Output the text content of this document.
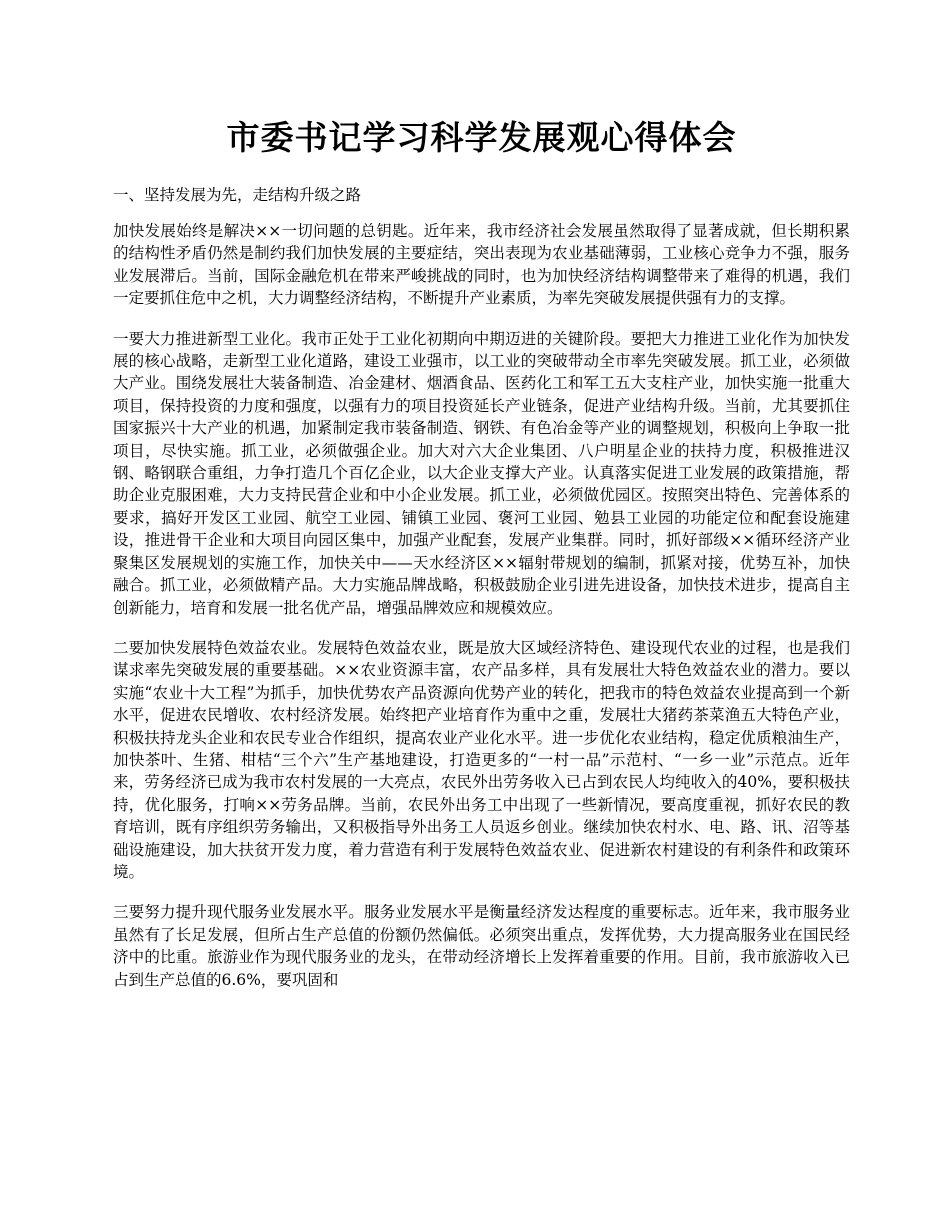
市委书记学习科学发展观心得体会

一、坚持发展为先，走结构升级之路

加快发展始终是解决××一切问题的总钥匙。近年来，我市经济社会发展虽然取得了显著成就，但长期积累的结构性矛盾仍然是制约我们加快发展的主要症结，突出表现为农业基础薄弱，工业核心竞争力不强，服务业发展滞后。当前，国际金融危机在带来严峻挑战的同时，也为加快经济结构调整带来了难得的机遇，我们一定要抓住危中之机，大力调整经济结构，不断提升产业素质，为率先突破发展提供强有力的支撑。

一要大力推进新型工业化。我市正处于工业化初期向中期迈进的关键阶段。要把大力推进工业化作为加快发展的核心战略，走新型工业化道路，建设工业强市，以工业的突破带动全市率先突破发展。抓工业，必须做大产业。围绕发展壮大装备制造、冶金建材、烟酒食品、医药化工和军工五大支柱产业，加快实施一批重大项目，保持投资的力度和强度，以强有力的项目投资延长产业链条，促进产业结构升级。当前，尤其要抓住国家振兴十大产业的机遇，加紧制定我市装备制造、钢铁、有色冶金等产业的调整规划，积极向上争取一批项目，尽快实施。抓工业，必须做强企业。加大对六大企业集团、八户明星企业的扶持力度，积极推进汉钢、略钢联合重组，力争打造几个百亿企业，以大企业支撑大产业。认真落实促进工业发展的政策措施，帮助企业克服困难，大力支持民营企业和中小企业发展。抓工业，必须做优园区。按照突出特色、完善体系的要求，搞好开发区工业园、航空工业园、铺镇工业园、褒河工业园、勉县工业园的功能定位和配套设施建设，推进骨干企业和大项目向园区集中，加强产业配套，发展产业集群。同时，抓好部级××循环经济产业聚集区发展规划的实施工作，加快关中——天水经济区××辐射带规划的编制，抓紧对接，优势互补，加快融合。抓工业，必须做精产品。大力实施品牌战略，积极鼓励企业引进先进设备，加快技术进步，提高自主创新能力，培育和发展一批名优产品，增强品牌效应和规模效应。

二要加快发展特色效益农业。发展特色效益农业，既是放大区域经济特色、建设现代农业的过程，也是我们谋求率先突破发展的重要基础。××农业资源丰富，农产品多样，具有发展壮大特色效益农业的潜力。要以实施“农业十大工程”为抓手，加快优势农产品资源向优势产业的转化，把我市的特色效益农业提高到一个新水平，促进农民增收、农村经济发展。始终把产业培育作为重中之重，发展壮大猪药茶菜渔五大特色产业，积极扶持龙头企业和农民专业合作组织，提高农业产业化水平。进一步优化农业结构，稳定优质粮油生产，加快茶叶、生猪、柑桔“三个六”生产基地建设，打造更多的“一村一品”示范村、“一乡一业”示范点。近年来，劳务经济已成为我市农村发展的一大亮点，农民外出劳务收入已占到农民人均纯收入的40%，要积极扶持，优化服务，打响××劳务品牌。当前，农民外出务工中出现了一些新情况，要高度重视，抓好农民的教育培训，既有序组织劳务输出，又积极指导外出务工人员返乡创业。继续加快农村水、电、路、讯、沼等基础设施建设，加大扶贫开发力度，着力营造有利于发展特色效益农业、促进新农村建设的有利条件和政策环境。

三要努力提升现代服务业发展水平。服务业发展水平是衡量经济发达程度的重要标志。近年来，我市服务业虽然有了长足发展，但所占生产总值的份额仍然偏低。必须突出重点，发挥优势，大力提高服务业在国民经济中的比重。旅游业作为现代服务业的龙头，在带动经济增长上发挥着重要的作用。目前，我市旅游收入已占到生产总值的6.6%，要巩固和
